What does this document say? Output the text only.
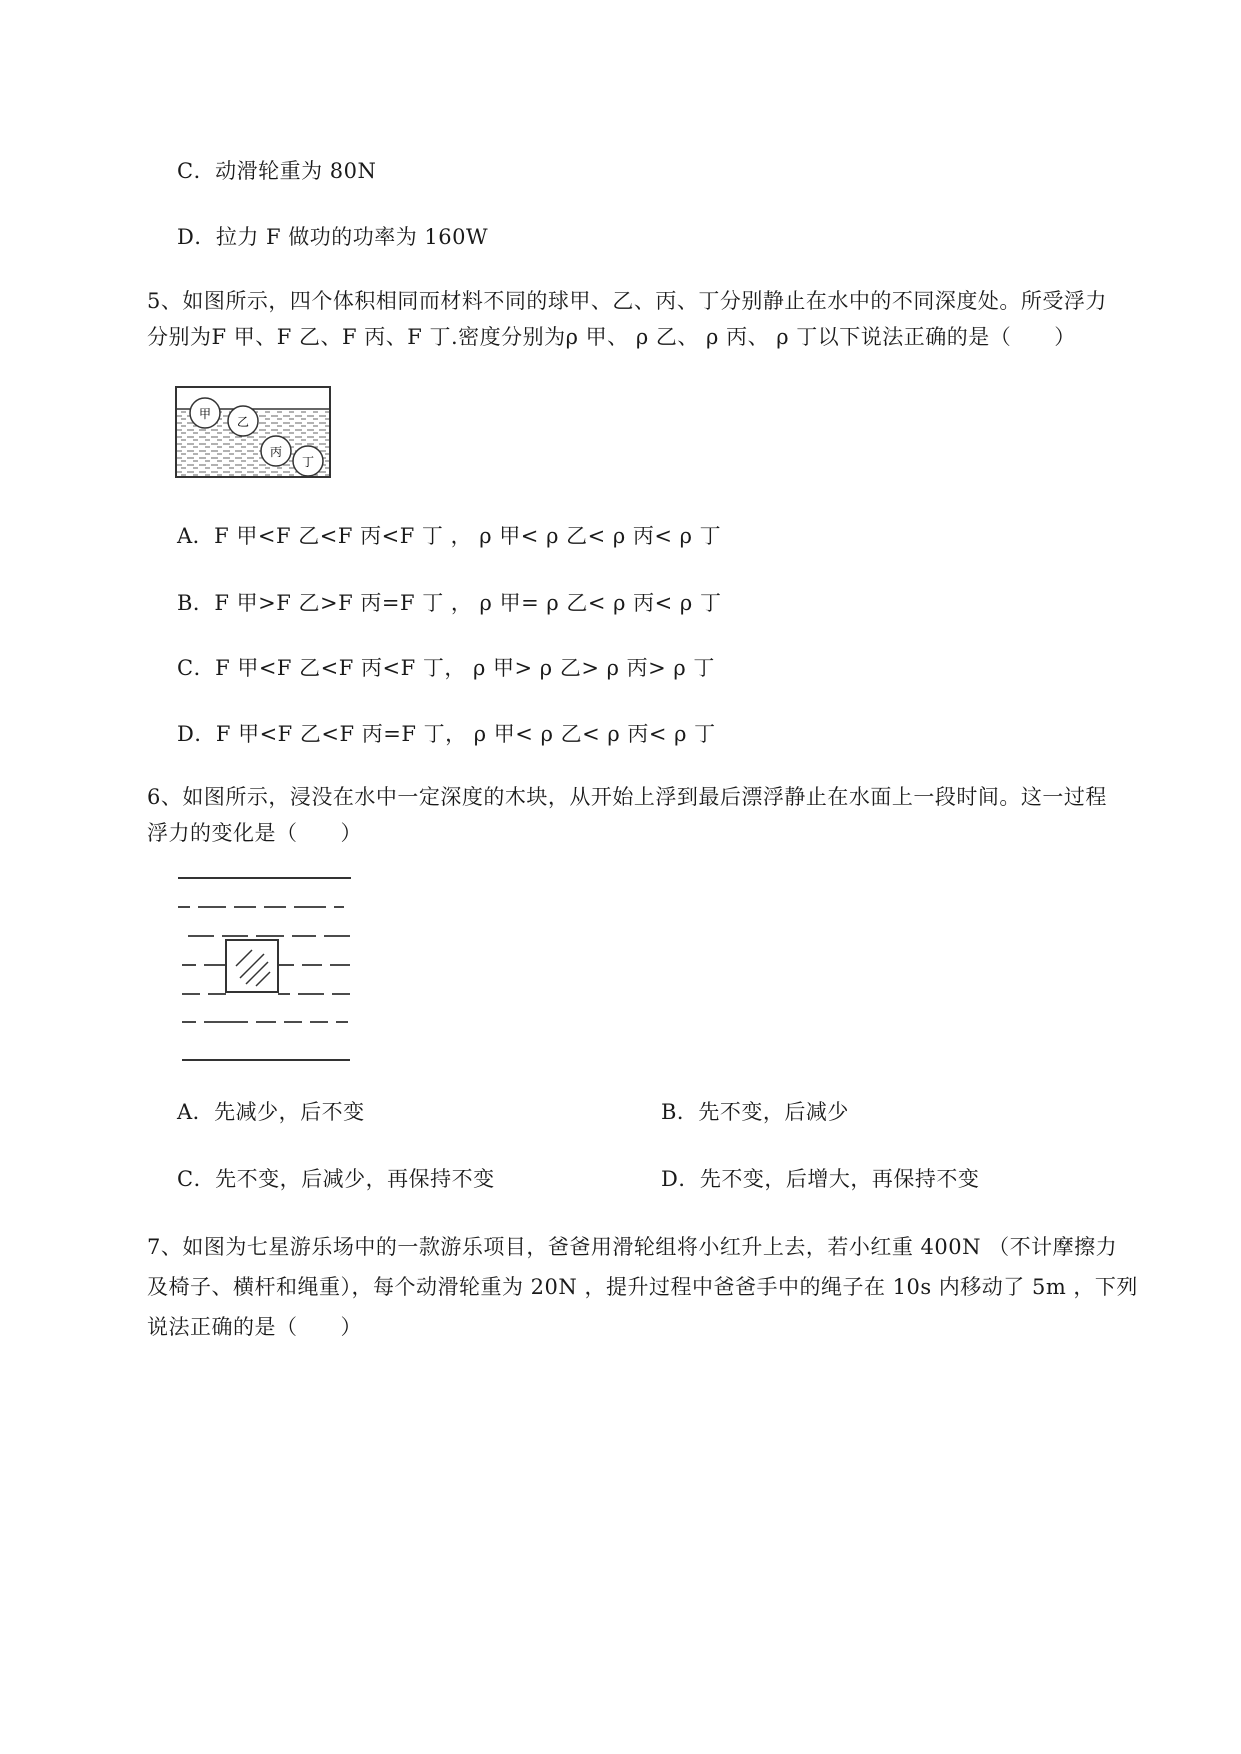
C．动滑轮重为 80N
D．拉力 F 做功的功率为 160W
5、如图所示，四个体积相同而材料不同的球甲、乙、丙、丁分别静止在水中的不同深度处。所受浮力
分别为F 甲、F 乙、F 丙、F 丁.密度分别为ρ 甲、 ρ 乙、 ρ 丙、 ρ 丁以下说法正确的是（　　）
甲
乙
丙
丁
A．F 甲<F 乙<F 丙<F 丁 ， ρ 甲< ρ 乙< ρ 丙< ρ 丁
B．F 甲>F 乙>F 丙=F 丁 ， ρ 甲= ρ 乙< ρ 丙< ρ 丁
C．F 甲<F 乙<F 丙<F 丁， ρ 甲> ρ 乙> ρ 丙> ρ 丁
D．F 甲<F 乙<F 丙=F 丁， ρ 甲< ρ 乙< ρ 丙< ρ 丁
6、如图所示，浸没在水中一定深度的木块，从开始上浮到最后漂浮静止在水面上一段时间。这一过程
浮力的变化是（　　）
A．先减少，后不变	B．先不变，后减少
C．先不变，后减少，再保持不变	D．先不变，后增大，再保持不变
7、如图为七星游乐场中的一款游乐项目，爸爸用滑轮组将小红升上去，若小红重 400N （不计摩擦力
及椅子、横杆和绳重），每个动滑轮重为 20N ，提升过程中爸爸手中的绳子在 10s 内移动了 5m ，下列
说法正确的是（　　）
